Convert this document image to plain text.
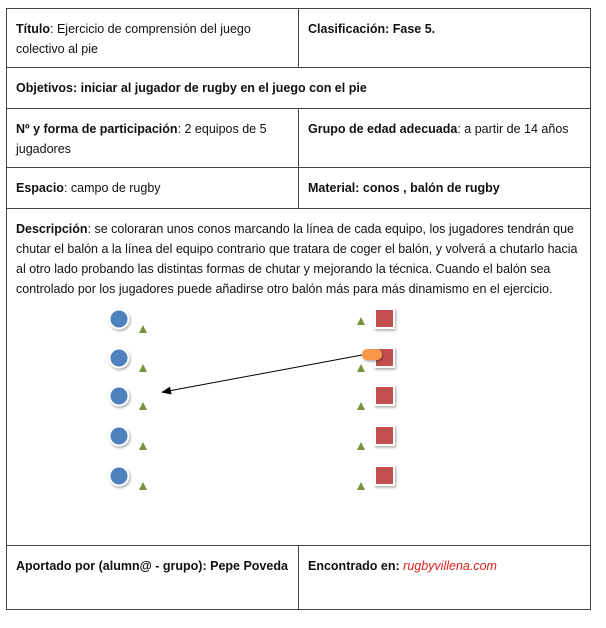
Título: Ejercicio de comprensión del juego colectivo al pie	Clasificación: Fase 5.
Objetivos: iniciar al jugador de rugby en el juego con el pie	
Nº y forma de participación: 2 equipos de 5 jugadores	Grupo de edad adecuada: a partir de 14 años
Espacio: campo de rugby	Material: conos , balón de rugby

Descripción: se coloraran unos conos marcando la línea de cada equipo, los jugadores tendrán que chutar el balón a la línea del equipo contrario que tratara de coger el balón, y volverá a chutarlo hacia al otro lado probando las distintas formas de chutar y mejorando la técnica. Cuando el balón sea controlado por los jugadores puede añadirse otro balón más para más dinamismo en el ejercicio.	

Aportado por (alumn@ - grupo): Pepe Poveda	Encontrado en: rugbyvillena.com
